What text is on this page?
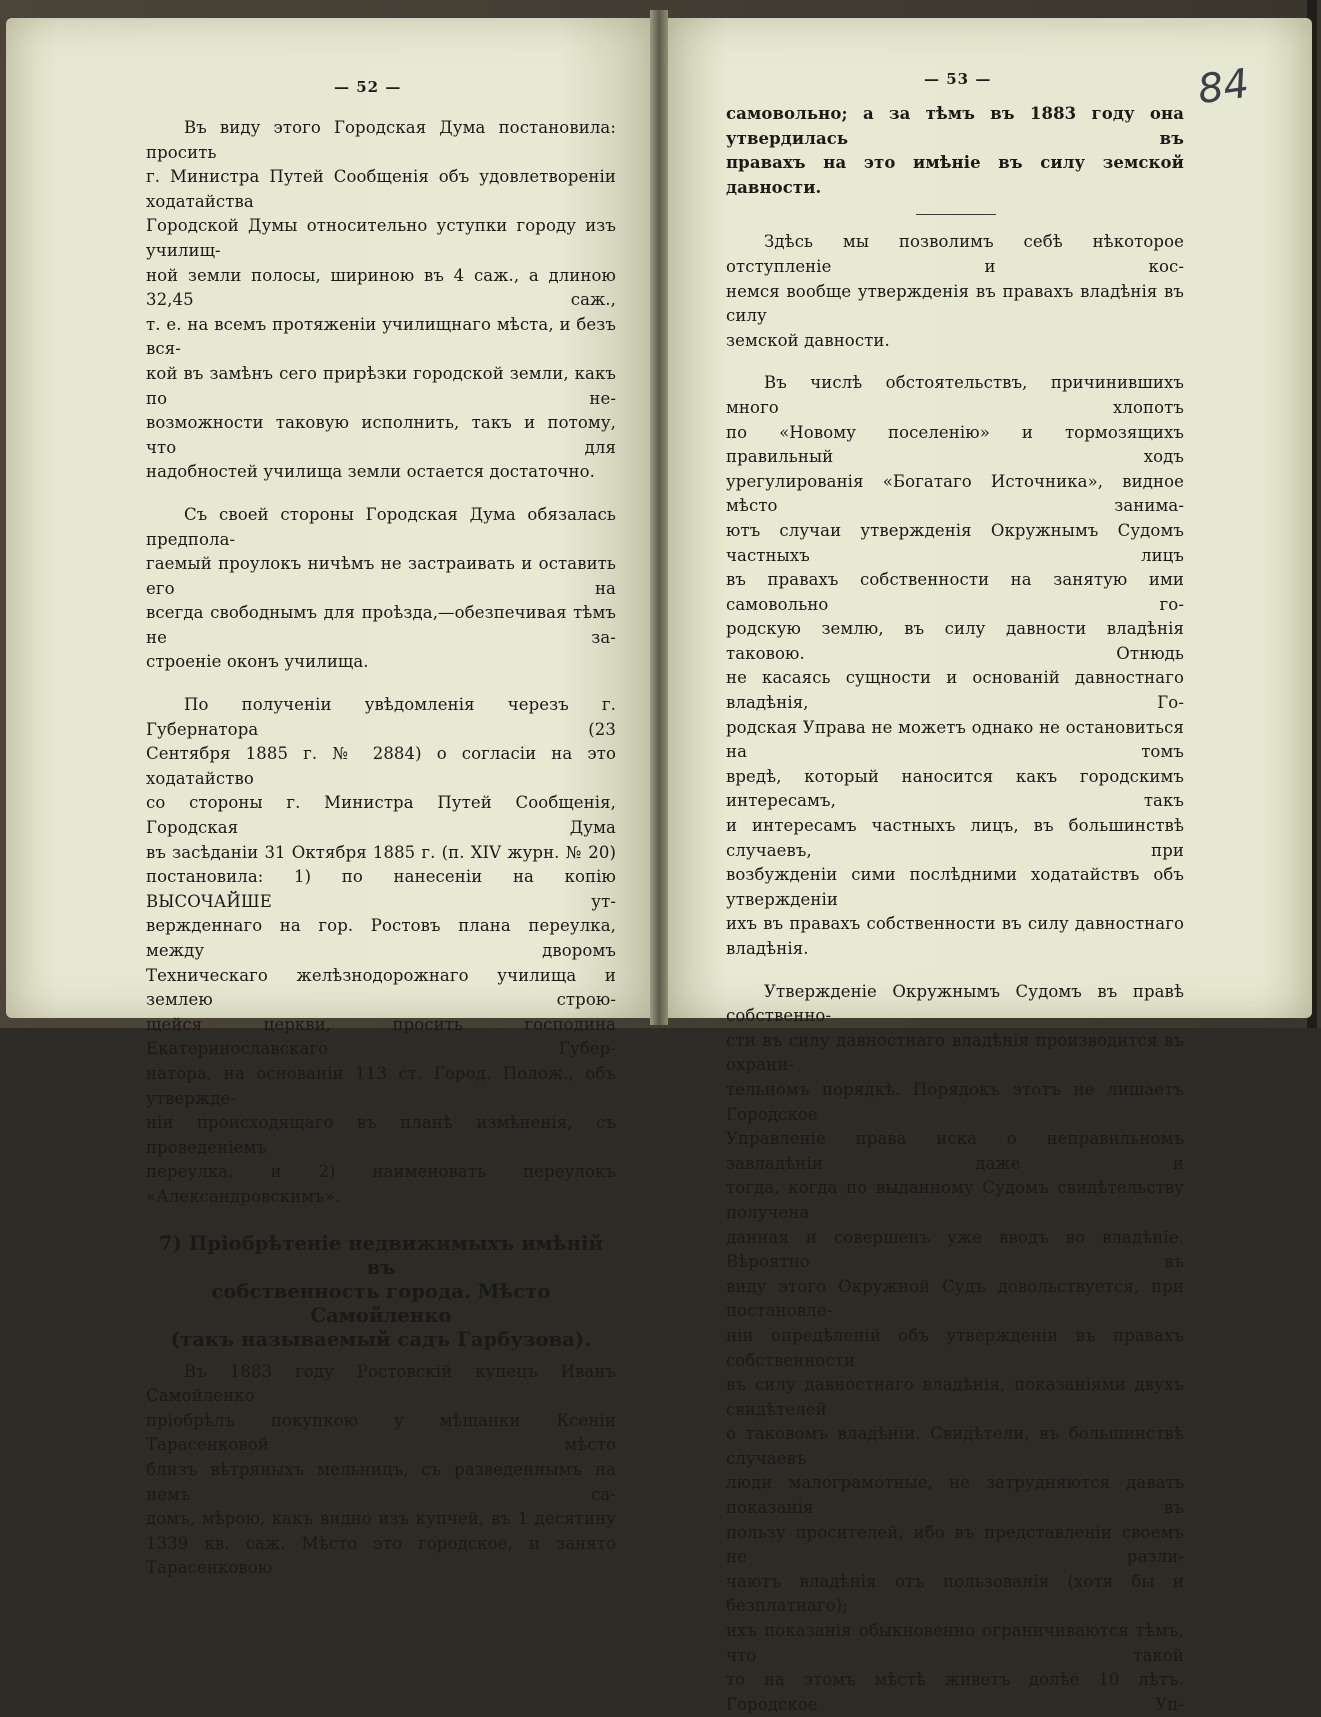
— 52 —

Въ виду этого Городская Дума постановила: просить

г. Министра Путей Сообщенія объ удовлетвореніи ходатайства

Городской Думы относительно уступки городу изъ училищ-

ной земли полосы, шириною въ 4 саж., а длиною 32,45 саж.,

т. е. на всемъ протяженіи училищнаго мѣста, и безъ вся-

кой въ замѣнъ сего прирѣзки городской земли, какъ по не-

возможности таковую исполнить, такъ и потому, что для

надобностей училища земли остается достаточно.

Съ своей стороны Городская Дума обязалась предпола-

гаемый проулокъ ничѣмъ не застраивать и оставить его на

всегда свободнымъ для проѣзда,—обезпечивая тѣмъ не за-

строеніе оконъ училища.

По полученіи увѣдомленія черезъ г. Губернатора (23

Сентября 1885 г. № 2884) о согласіи на это ходатайство

со стороны г. Министра Путей Сообщенія, Городская Дума

въ засѣданіи 31 Октября 1885 г. (п. XIV журн. № 20)

постановила: 1) по нанесеніи на копію ВЫСОЧАЙШЕ ут-

вержденнаго на гор. Ростовъ плана переулка, между дворомъ

Техническаго желѣзнодорожнаго училища и землею строю-

щейся церкви, просить господина Екатеринославскаго Губер-

натора, на основаніи 113 ст. Город. Полож., объ утвержде-

ніи происходящаго въ планѣ измѣненія, съ проведеніемъ

переулка, и 2) наименовать переулокъ «Александровскимъ».

7) Пріобрѣтеніе недвижимыхъ имѣній въ
собственность города. Мѣсто Самойленко
(такъ называемый садъ Гарбузова).

Въ 1883 году Ростовскій купецъ Иванъ Самойленко

пріобрѣлъ покупкою у мѣщанки Ксеніи Тарасенковой мѣсто

близъ вѣтряныхъ мельницъ, съ разведеннымъ на немъ са-

домъ, мѣрою, какъ видно изъ купчей, въ 1 десятину

1339 кв. саж. Мѣсто это городское, и занято Тарасенковою

— 53 —	84

самовольно; а за тѣмъ въ 1883 году она утвердилась въ

правахъ на это имѣніе въ силу земской давности.

Здѣсь мы позволимъ себѣ нѣкоторое отступленіе и кос-

немся вообще утвержденія въ правахъ владѣнія въ силу

земской давности.

Въ числѣ обстоятельствъ, причинившихъ много хлопотъ

по «Новому поселенію» и тормозящихъ правильный ходъ

урегулированія «Богатаго Источника», видное мѣсто занима-

ютъ случаи утвержденія Окружнымъ Судомъ частныхъ лицъ

въ правахъ собственности на занятую ими самовольно го-

родскую землю, въ силу давности владѣнія таковою. Отнюдь

не касаясь сущности и основаній давностнаго владѣнія, Го-

родская Управа не можетъ однако не остановиться на томъ

вредѣ, который наносится какъ городскимъ интересамъ, такъ

и интересамъ частныхъ лицъ, въ большинствѣ случаевъ, при

возбужденіи сими послѣдними ходатайствъ объ утвержденіи

ихъ въ правахъ собственности въ силу давностнаго владѣнія.

Утвержденіе Окружнымъ Судомъ въ правѣ собственно-

сти въ силу давностнаго владѣнія производится въ охрани-

тельномъ порядкѣ. Порядокъ этотъ не лишаетъ Городское

Управленіе права иска о неправильномъ завладѣніи даже и

тогда, когда по выданному Судомъ свидѣтельству получена

данная и совершенъ уже вводъ во владѣніе. Вѣроятно въ

виду этого Окружной Судъ довольствуется, при постановле-

ніи опредѣленій объ утвержденіи въ правахъ собственности

въ силу давностнаго владѣнія, показаніями двухъ свидѣтелей

о таковомъ владѣніи. Свидѣтели, въ большинствѣ случаевъ

люди малограмотные, не затрудняются давать показанія въ

пользу просителей, ибо въ представленіи своемъ не разли-

чаютъ владѣнія отъ пользованія (хотя бы и безплатнаго);

ихъ показанія обыкновенно ограничиваются тѣмъ, что такой

то на этомъ мѣстѣ живетъ долѣе 10 лѣтъ. Городское Уп-
